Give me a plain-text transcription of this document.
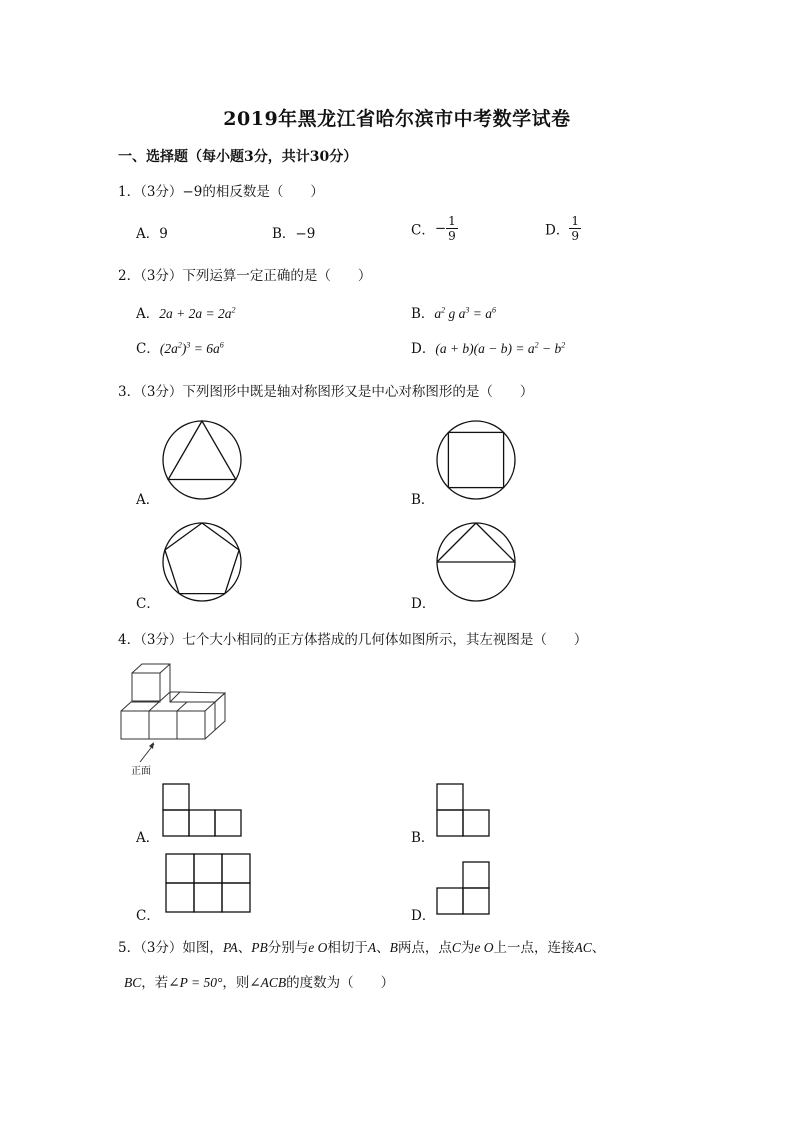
2019年黑龙江省哈尔滨市中考数学试卷
一、选择题（每小题3分，共计30分）
1．（3分）−9的相反数是（　　）
A．9	B．−9	C．− $\frac{1}{9}$	D． $\frac{1}{9}$
2．（3分）下列运算一定正确的是（　　）
A．$2a + 2a = 2a^2$	B．$a^2$ g $a^3 = a^6$
C．$(2a^2)^3 = 6a^6$	D．$(a + b)(a - b) = a^2 - b^2$
3．（3分）下列图形中既是轴对称图形又是中心对称图形的是（　　）
A．	B．
C．	D．
4．（3分）七个大小相同的正方体搭成的几何体如图所示，其左视图是（　　）
正面
A．	B．
C．	D．
5．（3分）如图，PA、PB分别与e O相切于A、B两点，点C为e O上一点，连接AC、
BC，若∠P = 50°，则∠ACB的度数为（　　）
